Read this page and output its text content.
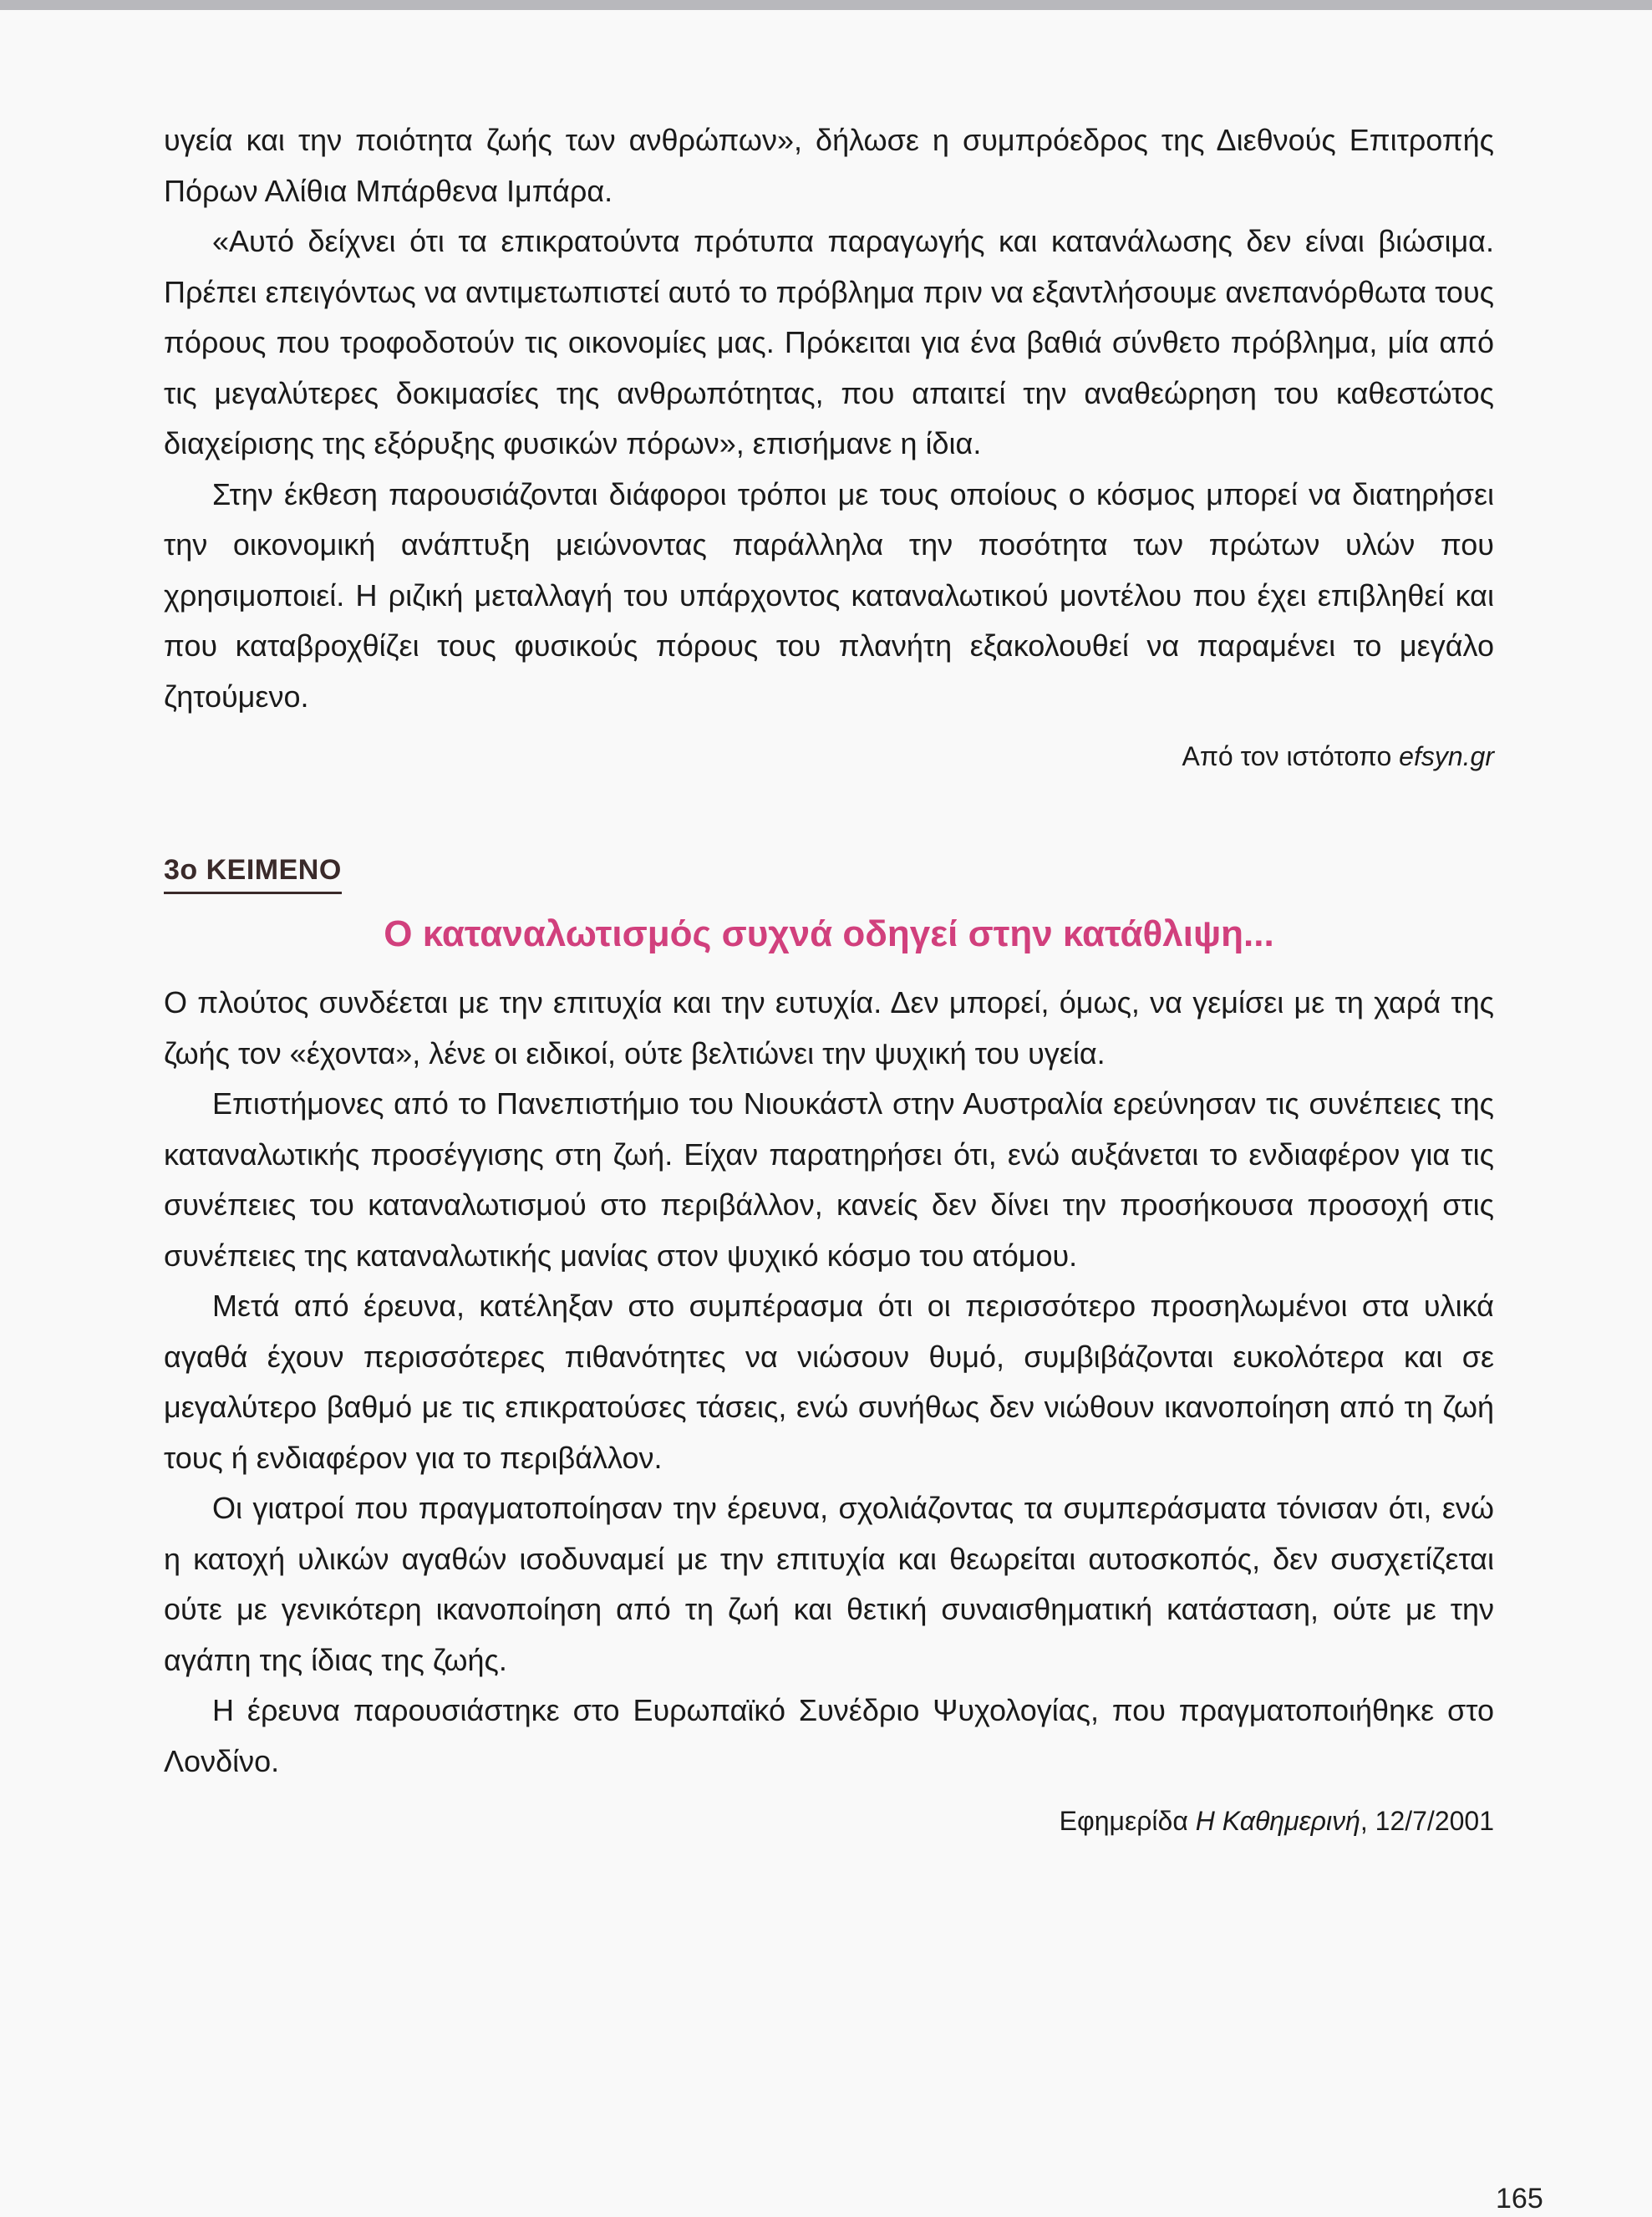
υγεία και την ποιότητα ζωής των ανθρώπων», δήλωσε η συμπρόεδρος της Διεθνούς Επιτροπής Πόρων Αλίθια Μπάρθενα Ιμπάρα.

«Αυτό δείχνει ότι τα επικρατούντα πρότυπα παραγωγής και κατανάλωσης δεν είναι βιώσιμα. Πρέπει επειγόντως να αντιμετωπιστεί αυτό το πρόβλημα πριν να εξαντλήσουμε ανεπανόρθωτα τους πόρους που τροφοδοτούν τις οικονομίες μας. Πρόκειται για ένα βαθιά σύνθετο πρόβλημα, μία από τις μεγαλύτερες δοκιμασίες της ανθρωπότητας, που απαιτεί την αναθεώρηση του καθεστώτος διαχείρισης της εξόρυξης φυσικών πόρων», επισήμανε η ίδια.

Στην έκθεση παρουσιάζονται διάφοροι τρόποι με τους οποίους ο κόσμος μπορεί να διατηρήσει την οικονομική ανάπτυξη μειώνοντας παράλληλα την ποσότητα των πρώτων υλών που χρησιμοποιεί. Η ριζική μεταλλαγή του υπάρχοντος καταναλωτικού μοντέλου που έχει επιβληθεί και που καταβροχθίζει τους φυσικούς πόρους του πλανήτη εξακολουθεί να παραμένει το μεγάλο ζητούμενο.

Από τον ιστότοπο efsyn.gr

3ο ΚΕΙΜΕΝΟ
Ο καταναλωτισμός συχνά οδηγεί στην κατάθλιψη...

Ο πλούτος συνδέεται με την επιτυχία και την ευτυχία. Δεν μπορεί, όμως, να γεμίσει με τη χαρά της ζωής τον «έχοντα», λένε οι ειδικοί, ούτε βελτιώνει την ψυχική του υγεία.

Επιστήμονες από το Πανεπιστήμιο του Νιουκάστλ στην Αυστραλία ερεύνησαν τις συνέπειες της καταναλωτικής προσέγγισης στη ζωή. Είχαν παρατηρήσει ότι, ενώ αυξάνεται το ενδιαφέρον για τις συνέπειες του καταναλωτισμού στο περιβάλλον, κανείς δεν δίνει την προσήκουσα προσοχή στις συνέπειες της καταναλωτικής μανίας στον ψυχικό κόσμο του ατόμου.

Μετά από έρευνα, κατέληξαν στο συμπέρασμα ότι οι περισσότερο προσηλωμένοι στα υλικά αγαθά έχουν περισσότερες πιθανότητες να νιώσουν θυμό, συμβιβάζονται ευκολότερα και σε μεγαλύτερο βαθμό με τις επικρατούσες τάσεις, ενώ συνήθως δεν νιώθουν ικανοποίηση από τη ζωή τους ή ενδιαφέρον για το περιβάλλον.

Οι γιατροί που πραγματοποίησαν την έρευνα, σχολιάζοντας τα συμπεράσματα τόνισαν ότι, ενώ η κατοχή υλικών αγαθών ισοδυναμεί με την επιτυχία και θεωρείται αυτοσκοπός, δεν συσχετίζεται ούτε με γενικότερη ικανοποίηση από τη ζωή και θετική συναισθηματική κατάσταση, ούτε με την αγάπη της ίδιας της ζωής.

Η έρευνα παρουσιάστηκε στο Ευρωπαϊκό Συνέδριο Ψυχολογίας, που πραγματοποιήθηκε στο Λονδίνο.

Εφημερίδα Η Καθημερινή, 12/7/2001

165
